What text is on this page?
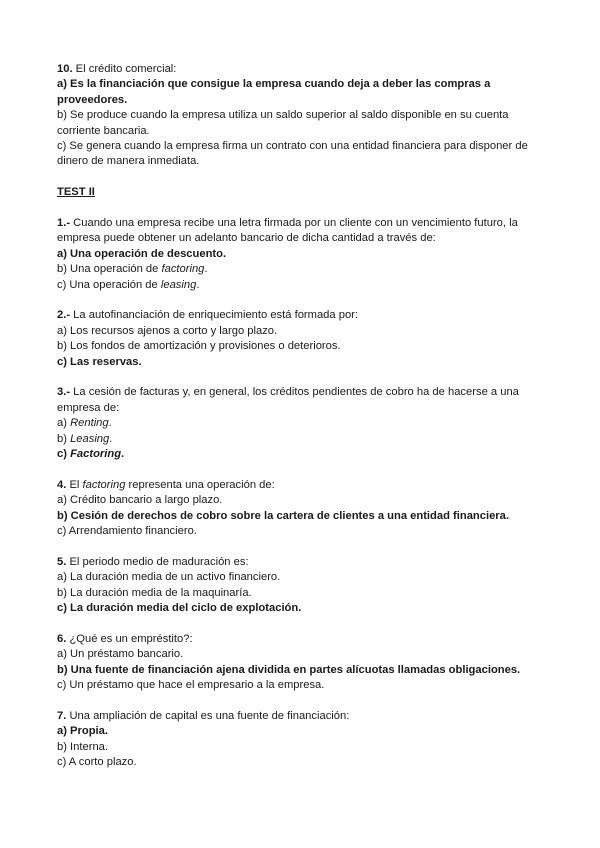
10. El crédito comercial:
a) Es la financiación que consigue la empresa cuando deja a deber las compras a proveedores.
b) Se produce cuando la empresa utiliza un saldo superior al saldo disponible en su cuenta corriente bancaria.
c) Se genera cuando la empresa firma un contrato con una entidad financiera para disponer de dinero de manera inmediata.
TEST II
1.- Cuando una empresa recibe una letra firmada por un cliente con un vencimiento futuro, la empresa puede obtener un adelanto bancario de dicha cantidad a través de:
a) Una operación de descuento.
b) Una operación de factoring.
c) Una operación de leasing.
2.- La autofinanciación de enriquecimiento está formada por:
a) Los recursos ajenos a corto y largo plazo.
b) Los fondos de amortización y provisiones o deterioros.
c) Las reservas.
3.- La cesión de facturas y, en general, los créditos pendientes de cobro ha de hacerse a una empresa de:
a) Renting.
b) Leasing.
c) Factoring.
4. El factoring representa una operación de:
a) Crédito bancario a largo plazo.
b) Cesión de derechos de cobro sobre la cartera de clientes a una entidad financiera.
c) Arrendamiento financiero.
5. El periodo medio de maduración es:
a) La duración media de un activo financiero.
b) La duración media de la maquinaría.
c) La duración media del ciclo de explotación.
6. ¿Qué es un empréstito?:
a) Un préstamo bancario.
b) Una fuente de financiación ajena dividida en partes alícuotas llamadas obligaciones.
c) Un préstamo que hace el empresario a la empresa.
7. Una ampliación de capital es una fuente de financiación:
a) Propia.
b) Interna.
c) A corto plazo.
